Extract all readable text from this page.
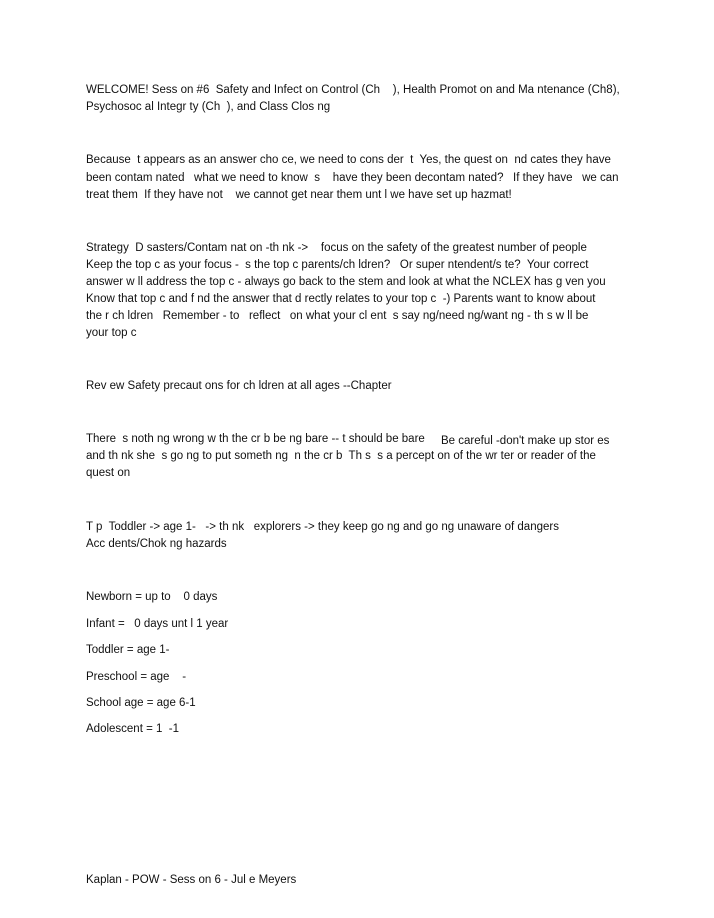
WELCOME! Sess on #6  Safety and Infect on Control (Ch    ), Health Promot on and Ma ntenance (Ch8),
Psychosoc al Integr ty (Ch  ), and Class Clos ng
Because  t appears as an answer cho ce, we need to cons der  t  Yes, the quest on  nd cates they have
been contam nated   what we need to know  s    have they been decontam nated?   If they have   we can
treat them  If they have not    we cannot get near them unt l we have set up hazmat!
Strategy  D sasters/Contam nat on -th nk ->    focus on the safety of the greatest number of people
Keep the top c as your focus -  s the top c parents/ch ldren?   Or super ntendent/s te?  Your correct
answer w ll address the top c - always go back to the stem and look at what the NCLEX has g ven you
Know that top c and f nd the answer that d rectly relates to your top c  -) Parents want to know about
the r ch ldren   Remember - to   reflect   on what your cl ent  s say ng/need ng/want ng - th s w ll be
your top c
Rev ew Safety precaut ons for ch ldren at all ages --Chapter
There  s noth ng wrong w th the cr b be ng bare -- t should be bare Be careful -don't make up stor es
and th nk she  s go ng to put someth ng  n the cr b  Th s  s a percept on of the wr ter or reader of the
quest on
T p  Toddler -> age 1-   -> th nk   explorers -> they keep go ng and go ng unaware of dangers
Acc dents/Chok ng hazards
Newborn = up to    0 days
Infant =   0 days unt l 1 year
Toddler = age 1-
Preschool = age    -
School age = age 6-1
Adolescent = 1  -1
Kaplan - POW - Sess on 6 - Jul e Meyers
